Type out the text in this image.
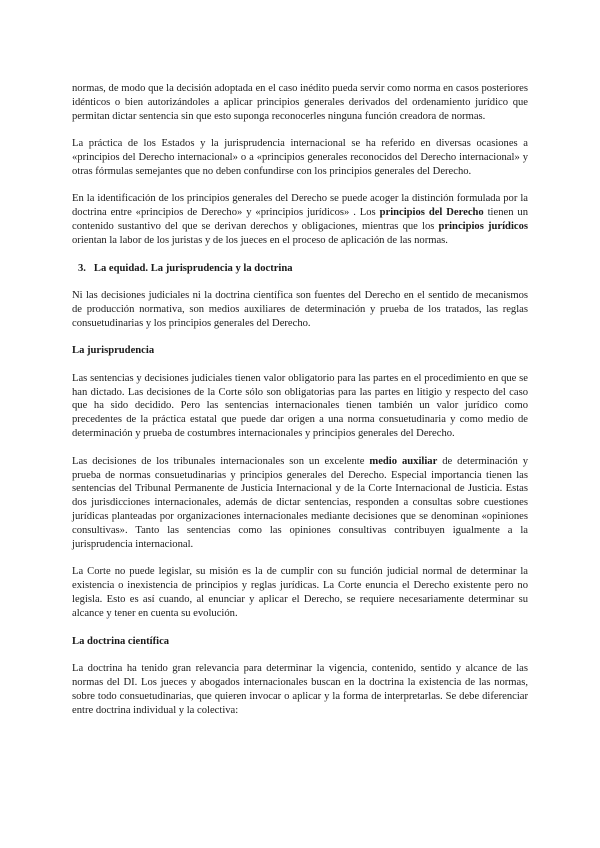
normas, de modo que la decisión adoptada en el caso inédito pueda servir como norma en casos posteriores idénticos o bien autorizándoles a aplicar principios generales derivados del ordenamiento jurídico que permitan dictar sentencia sin que esto suponga reconocerles ninguna función creadora de normas.

La práctica de los Estados y la jurisprudencia internacional se ha referido en diversas ocasiones a «principios del Derecho internacional» o a «principios generales reconocidos del Derecho internacional» y otras fórmulas semejantes que no deben confundirse con los principios generales del Derecho.

En la identificación de los principios generales del Derecho se puede acoger la distinción formulada por la doctrina entre «principios de Derecho» y «principios jurídicos» . Los principios del Derecho tienen un contenido sustantivo del que se derivan derechos y obligaciones, mientras que los principios jurídicos orientan la labor de los juristas y de los jueces en el proceso de aplicación de las normas.

3.   La equidad. La jurisprudencia y la doctrina

Ni las decisiones judiciales ni la doctrina científica son fuentes del Derecho en el sentido de mecanismos de producción normativa, son medios auxiliares de determinación y prueba de los tratados, las reglas consuetudinarias y los principios generales del Derecho.

La jurisprudencia

Las sentencias y decisiones judiciales tienen valor obligatorio para las partes en el procedimiento en que se han dictado. Las decisiones de la Corte sólo son obligatorias para las partes en litigio y respecto del caso que ha sido decidido. Pero las sentencias internacionales tienen también un valor jurídico como precedentes de la práctica estatal que puede dar origen a una norma consuetudinaria y como medio de determinación y prueba de costumbres internacionales y principios generales del Derecho.

Las decisiones de los tribunales internacionales son un excelente medio auxiliar de determinación y prueba de normas consuetudinarias y principios generales del Derecho. Especial importancia tienen las sentencias del Tribunal Permanente de Justicia Internacional y de la Corte Internacional de Justicia. Estas dos jurisdicciones internacionales, además de dictar sentencias, responden a consultas sobre cuestiones jurídicas planteadas por organizaciones internacionales mediante decisiones que se denominan «opiniones consultivas». Tanto las sentencias como las opiniones consultivas contribuyen igualmente a la jurisprudencia internacional.

La Corte no puede legislar, su misión es la de cumplir con su función judicial normal de determinar la existencia o inexistencia de principios y reglas jurídicas. La Corte enuncia el Derecho existente pero no legisla. Esto es así cuando, al enunciar y aplicar el Derecho, se requiere necesariamente determinar su alcance y tener en cuenta su evolución.

La doctrina científica

La doctrina ha tenido gran relevancia para determinar la vigencia, contenido, sentido y alcance de las normas del DI. Los jueces y abogados internacionales buscan en la doctrina la existencia de las normas, sobre todo consuetudinarias, que quieren invocar o aplicar y la forma de interpretarlas. Se debe diferenciar entre doctrina individual y la colectiva:
